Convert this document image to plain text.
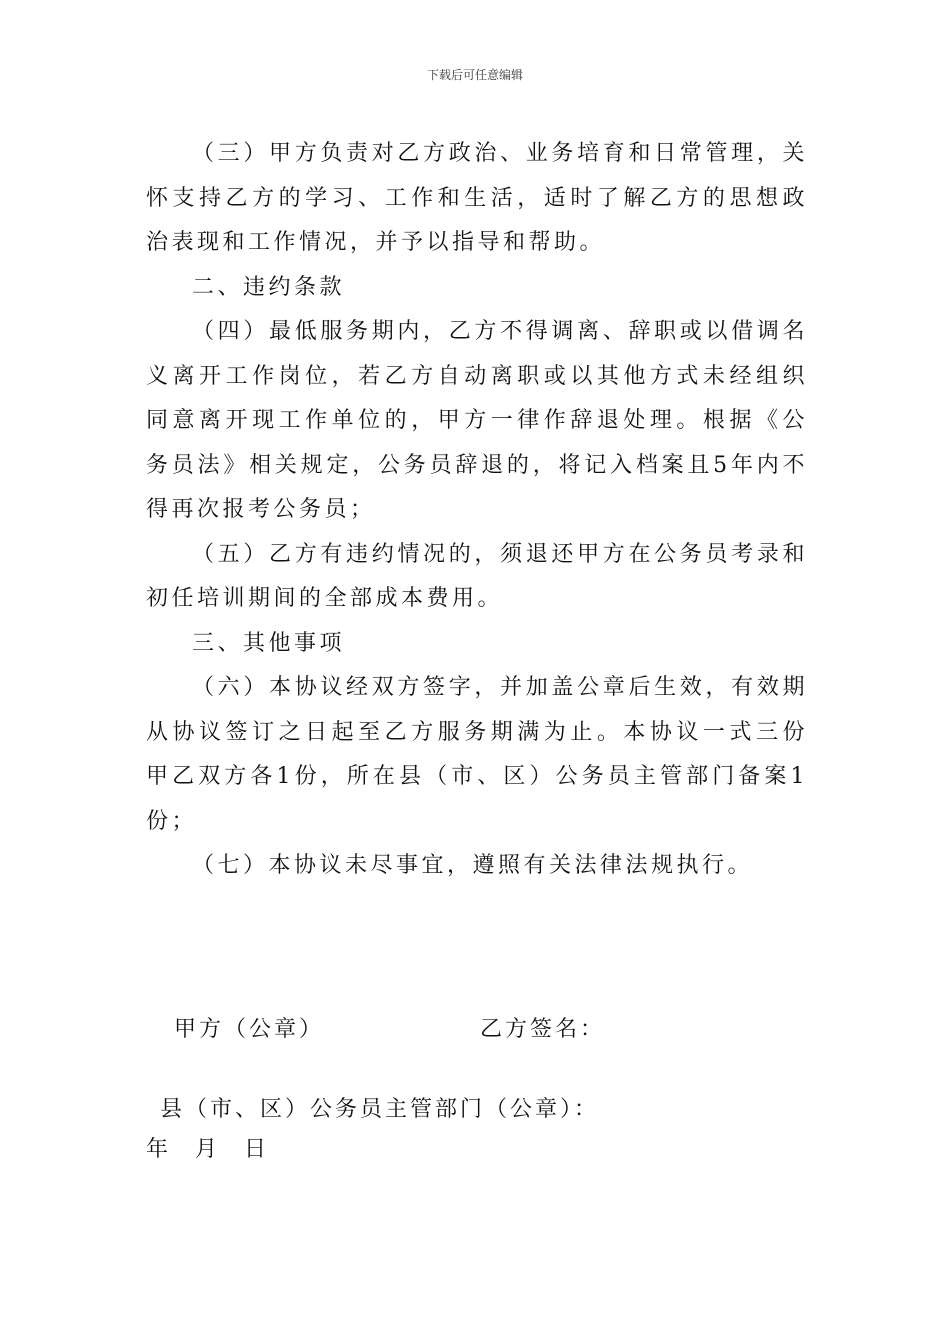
下载后可任意编辑

（三）甲方负责对乙方政治、业务培育和日常管理，关怀支持乙方的学习、工作和生活，适时了解乙方的思想政治表现和工作情况，并予以指导和帮助。

二、违约条款

（四）最低服务期内，乙方不得调离、辞职或以借调名义离开工作岗位，若乙方自动离职或以其他方式未经组织同意离开现工作单位的，甲方一律作辞退处理。根据《公务员法》相关规定，公务员辞退的，将记入档案且5年内不得再次报考公务员；

（五）乙方有违约情况的，须退还甲方在公务员考录和初任培训期间的全部成本费用。

三、其他事项

（六）本协议经双方签字，并加盖公章后生效，有效期从协议签订之日起至乙方服务期满为止。本协议一式三份甲乙双方各1份，所在县（市、区）公务员主管部门备案1份；

（七）本协议未尽事宜，遵照有关法律法规执行。

甲方（公章）	乙方签名：
县（市、区）公务员主管部门（公章）：
年 月 日
